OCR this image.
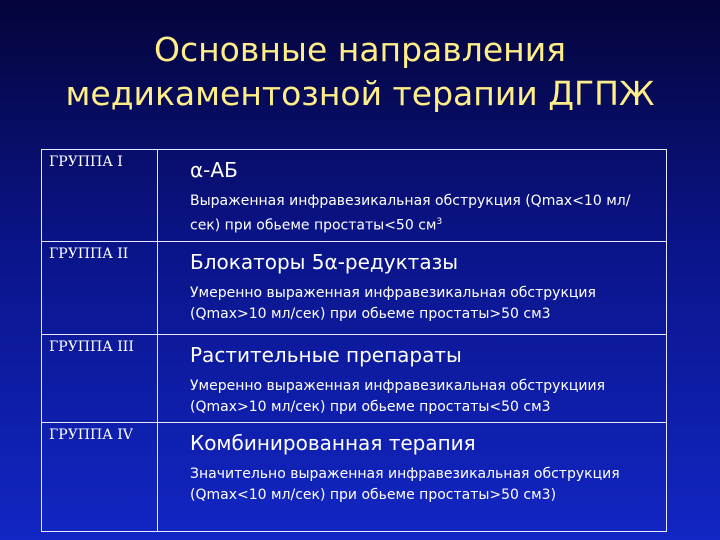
Основные направления
медикаментозной терапии ДГПЖ
ГРУППА I	α-АБ
Выраженная инфравезикальная обструкция (Qmax<10 мл/сек) при обьеме простаты<50 $см^3$

ГРУППА II	Блокаторы 5α-редуктазы
Умеренно выраженная инфравезикальная обструкция (Qmax>10 мл/сек) при обьеме простаты>50 см3

ГРУППА III	Растительные препараты
Умеренно выраженная инфравезикальная обструкциия (Qmax>10 мл/сек) при обьеме простаты<50 см3

ГРУППА IV	Комбинированная терапия
Значительно выраженная инфравезикальная обструкция (Qmax<10 мл/сек) при обьеме простаты>50 см3)
